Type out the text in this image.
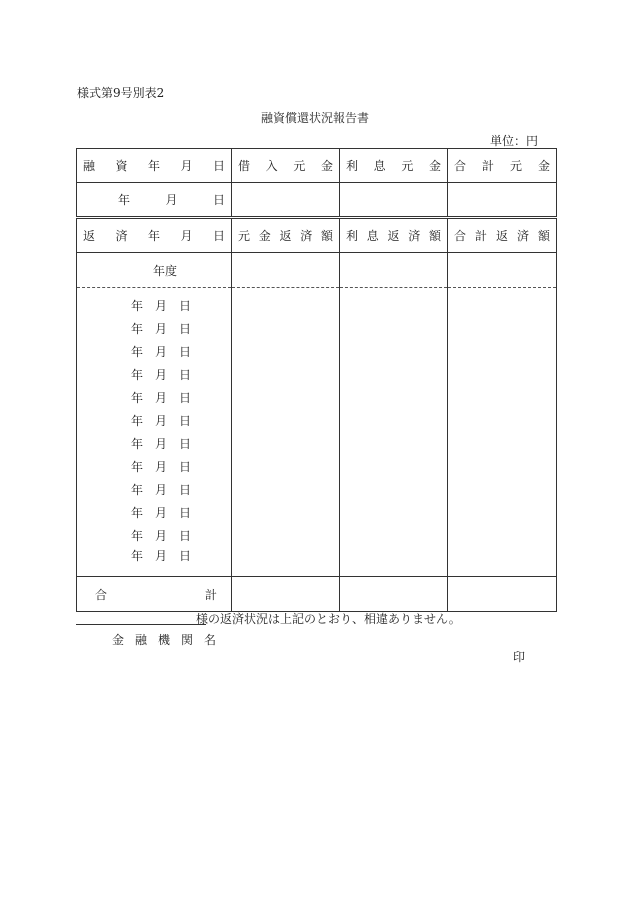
様式第9号別表2
融資償還状況報告書
単位：円
融 資 年 月 日	借 入 元 金	利 息 元 金	合 計 元 金

年 月 日			

返 済 年 月 日	元 金 返 済 額	利 息 返 済 額	合 計 返 済 額

年度			

年 月 日			

年 月 日			

年 月 日			

年 月 日			

年 月 日			

年 月 日			

年 月 日			

年 月 日			

年 月 日			

年 月 日			

年 月 日			

年 月 日			

合 計			

様の返済状況は上記のとおり、相違ありません。
金 融 機 関 名
印
